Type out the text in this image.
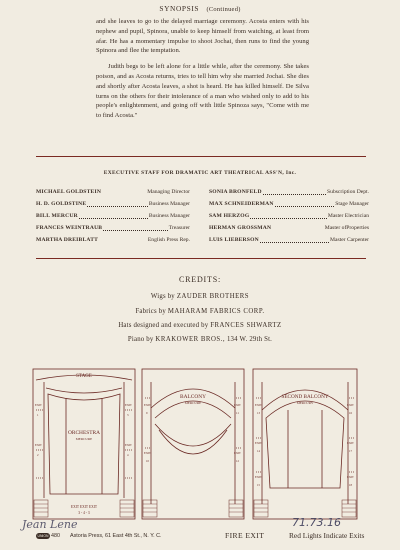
SYNOPSIS (Continued)

and she leaves to go to the delayed marriage ceremony. Acosta enters with his nephew and pupil, Spinora, unable to keep himself from watching, at least from afar. He has a momentary impulse to shoot Jochai, then runs to find the young Spinora and flee the temptation.

Judith begs to be left alone for a little while, after the ceremony. She takes poison, and as Acosta returns, tries to tell him why she married Jochai. She dies and shortly after Acosta leaves, a shot is heard. He has killed himself. De Silva turns on the others for their intolerance of a man who wished only to add to his people's enlightenment, and going off with little Spinoza says, "Come with me to find Acosta."

EXECUTIVE STAFF FOR DRAMATIC ART THEATRICAL ASS'N, Inc.
MICHAEL GOLDSTEIN	Managing Director
H. D. GOLDSTINE	Business Manager
BILL MERCUR	Business Manager
FRANCES WEINTRAUB	Treasurer
MARTHA DREIBLATT	English Press Rep.
SONIA BRONFELD	Subscription Dept.
MAX SCHNEIDERMAN	Stage Manager
SAM HERZOG	Master Electrician
HERMAN GROSSMAN	Master ofProperties
LUIS LIEBERSON	Master Carpenter
CREDITS:
Wigs by ZAUDER BROTHERS
Fabrics by MAHARAM FABRICS CORP.
Hats designed and executed by FRANCES SHWARTZ
Piano by KRAKOWER BROS., 134 W. 29th St.
STAGE
ORCHESTRA
MERCURE
EXIT
1
EXIT
2
EXIT
3
EXIT
4
EXIT EXIT EXIT
3 - 4 - 3
BALCONY
MERCURE
EXIT
9
EXIT
10
EXIT
11
EXIT
12
SECOND BALCONY
MERCURY
EXIT
13
EXIT
14
EXIT
15
EXIT
16
EXIT
17
EXIT
18
Jean Lene
UNION 480 Astoria Press, 61 East 4th St., N. Y. C.	FIRE EXIT	Red Lights Indicate Exits
71.73.16
